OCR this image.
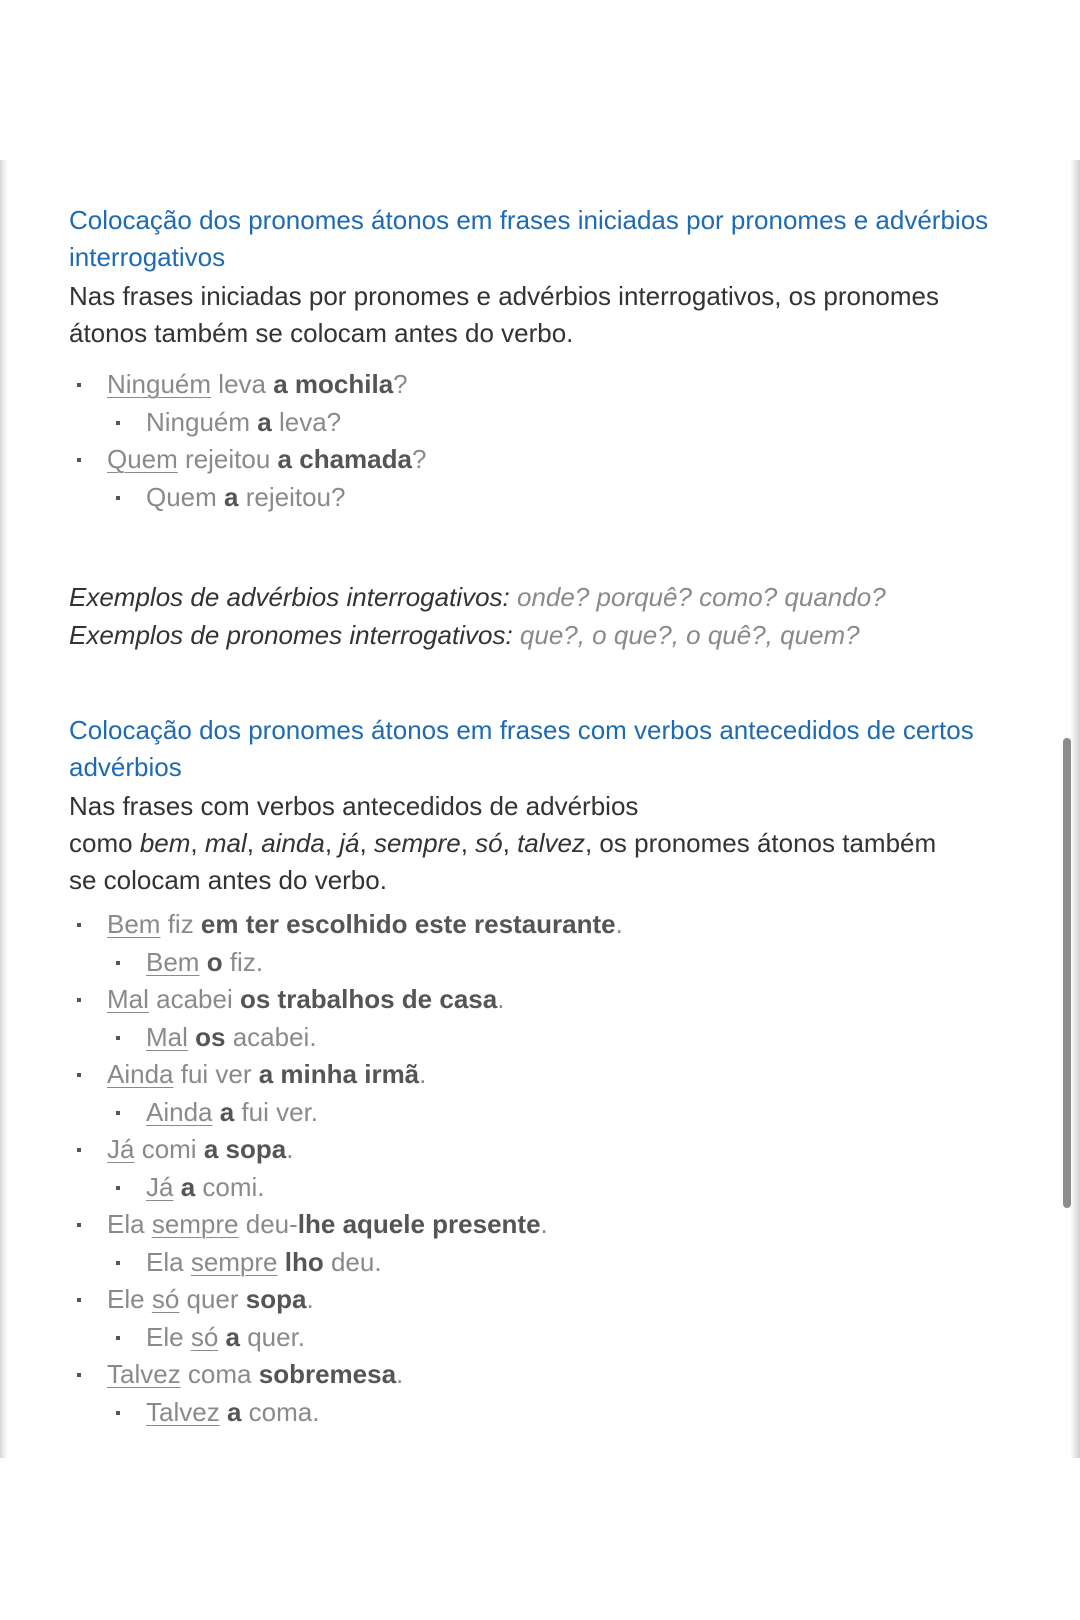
Colocação dos pronomes átonos em frases iniciadas por pronomes e advérbios interrogativos

Nas frases iniciadas por pronomes e advérbios interrogativos, os pronomes átonos também se colocam antes do verbo.

Ninguém leva a mochila?
Ninguém a leva?
Quem rejeitou a chamada?
Quem a rejeitou?
Exemplos de advérbios interrogativos: onde? porquê? como? quando?
Exemplos de pronomes interrogativos: que?, o que?, o quê?, quem?
Colocação dos pronomes átonos em frases com verbos antecedidos de certos advérbios

Nas frases com verbos antecedidos de advérbios

como bem, mal, ainda, já, sempre, só, talvez, os pronomes átonos também

se colocam antes do verbo.

Bem fiz em ter escolhido este restaurante.
Bem o fiz.
Mal acabei os trabalhos de casa.
Mal os acabei.
Ainda fui ver a minha irmã.
Ainda a fui ver.
Já comi a sopa.
Já a comi.
Ela sempre deu-lhe aquele presente.
Ela sempre lho deu.
Ele só quer sopa.
Ele só a quer.
Talvez coma sobremesa.
Talvez a coma.
